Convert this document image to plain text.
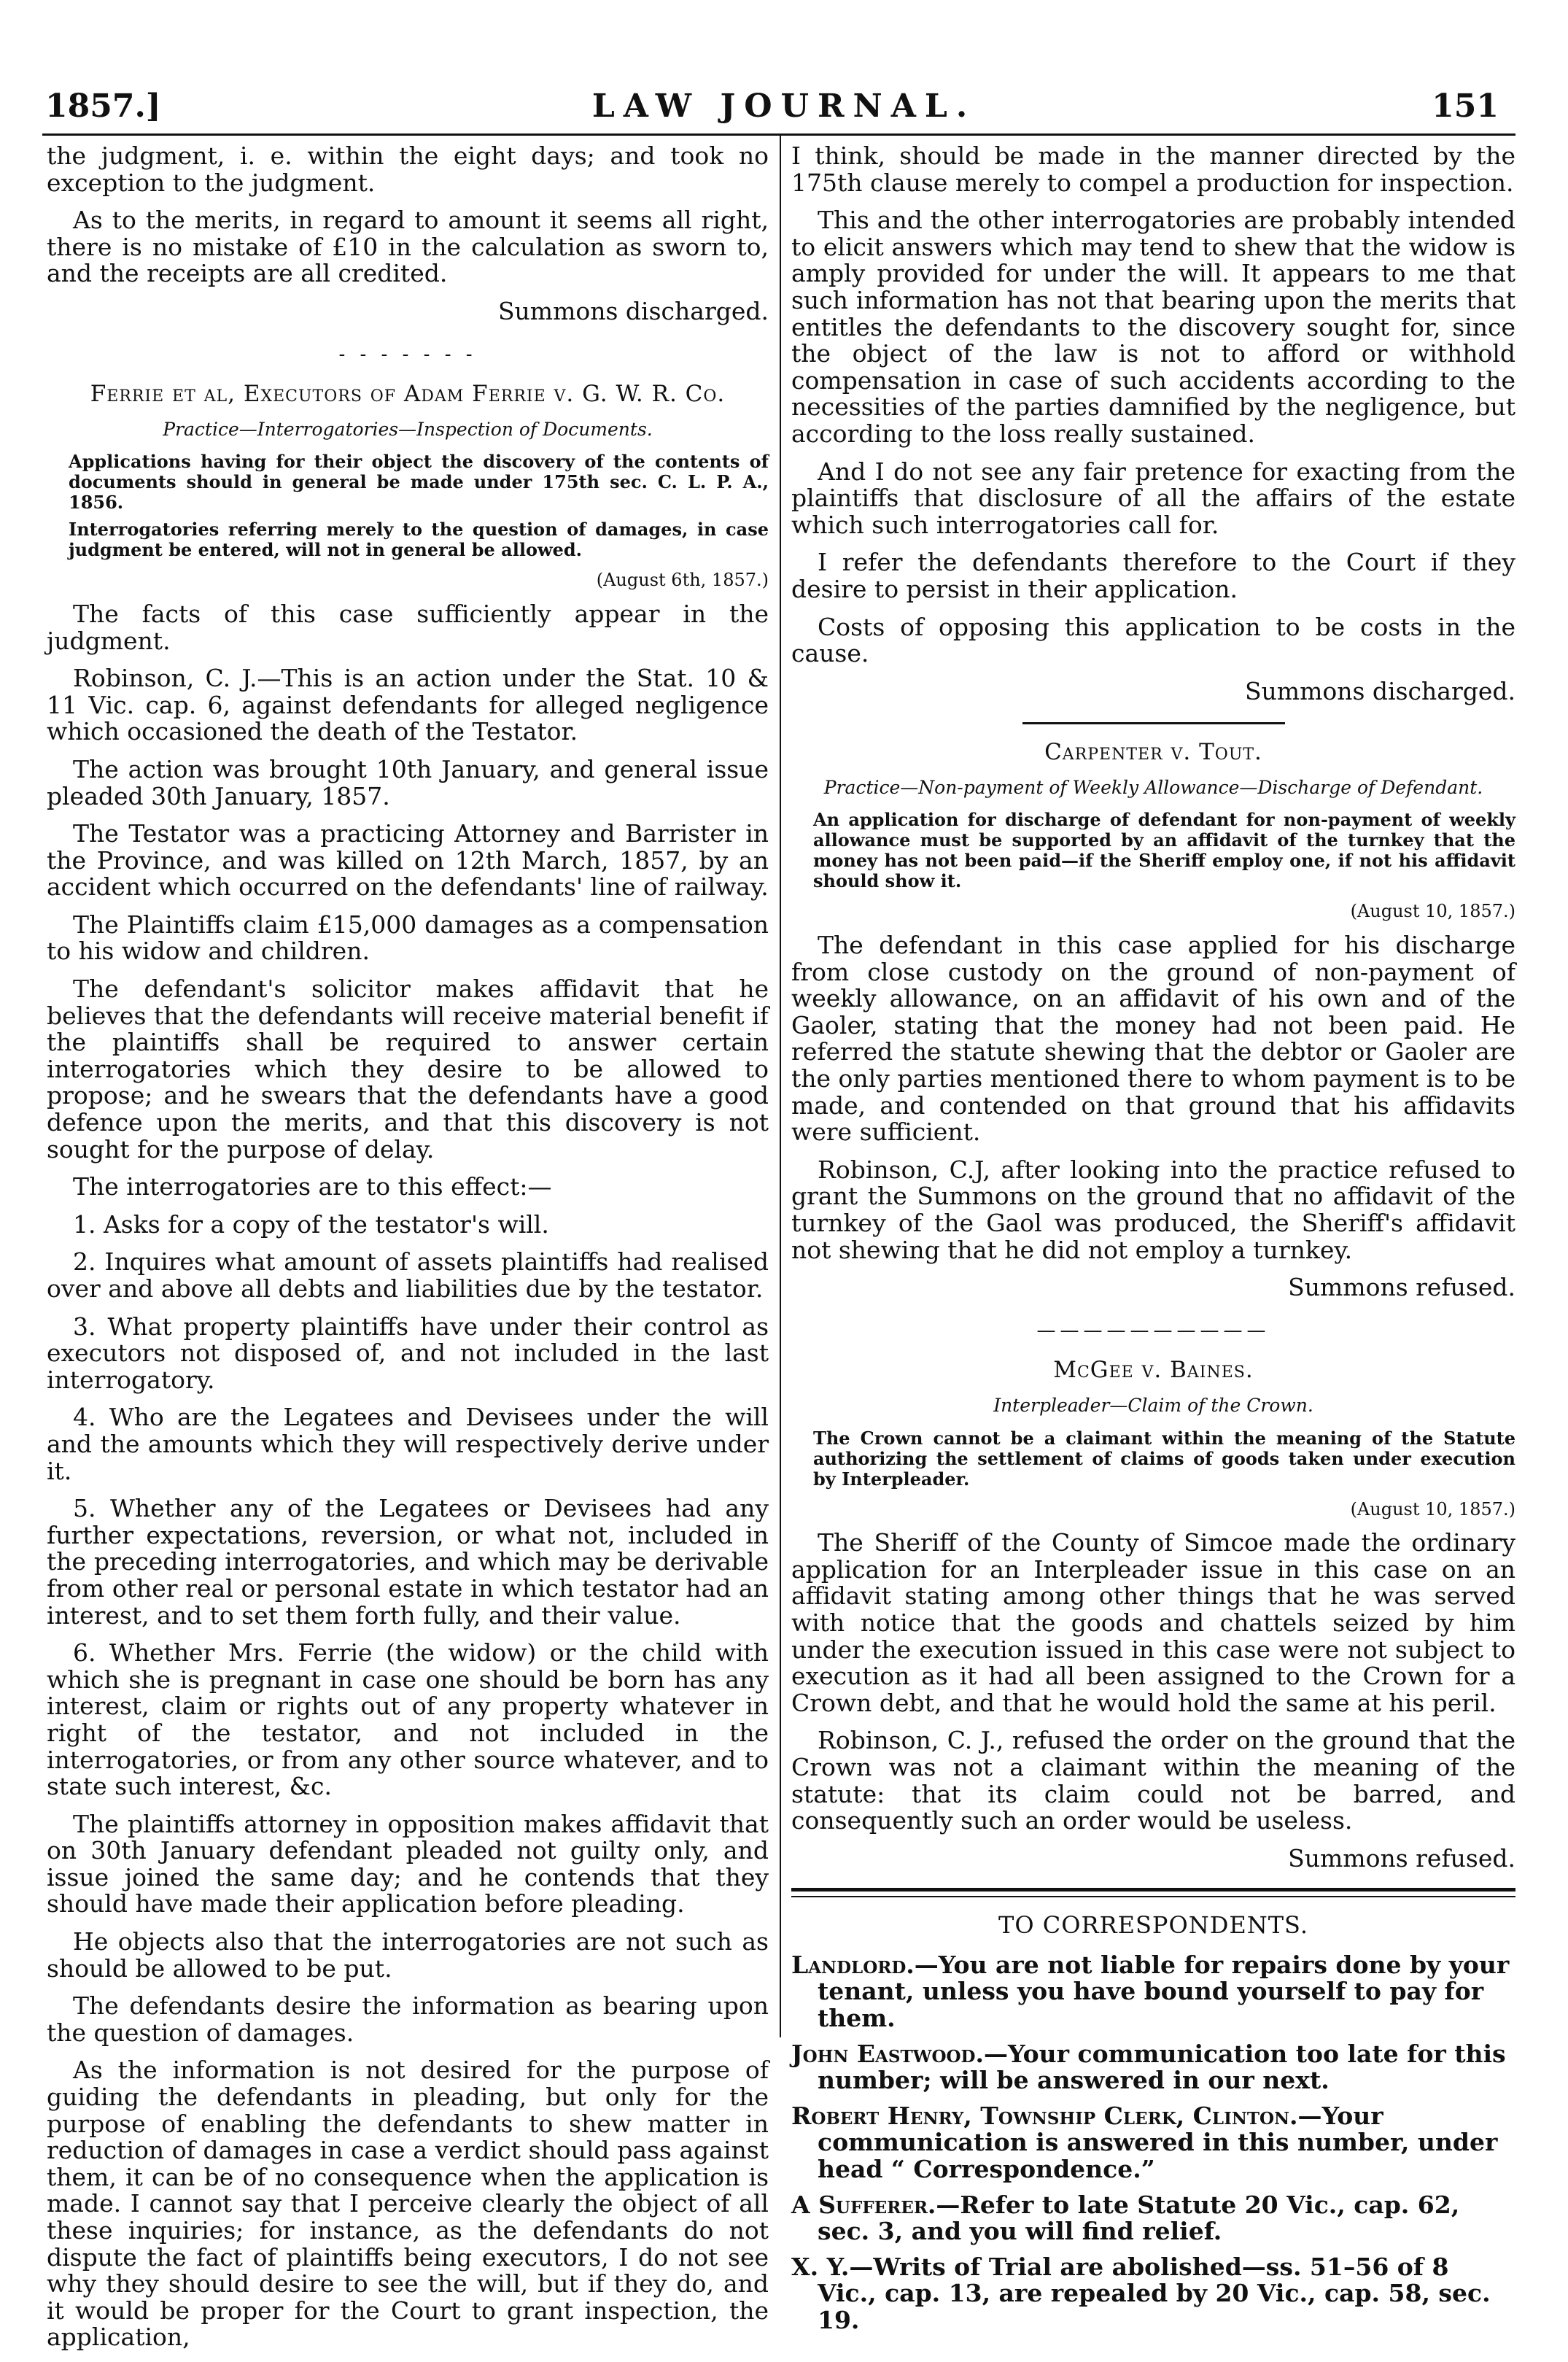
1857.]	LAW JOURNAL.	151

the judgment, i. e. within the eight days; and took no exception to the judgment.

As to the merits, in regard to amount it seems all right, there is no mistake of £10 in the calculation as sworn to, and the receipts are all credited.

Summons discharged.

- - - - - - -

Ferrie et al, Executors of Adam Ferrie v. G. W. R. Co.

Practice—Interrogatories—Inspection of Documents.

Applications having for their object the discovery of the contents of documents should in general be made under 175th sec. C. L. P. A., 1856.

Interrogatories referring merely to the question of damages, in case judgment be entered, will not in general be allowed.

(August 6th, 1857.)

The facts of this case sufficiently appear in the judgment.

Robinson, C. J.—This is an action under the Stat. 10 & 11 Vic. cap. 6, against defendants for alleged negligence which occasioned the death of the Testator.

The action was brought 10th January, and general issue pleaded 30th January, 1857.

The Testator was a practicing Attorney and Barrister in the Province, and was killed on 12th March, 1857, by an accident which occurred on the defendants' line of railway.

The Plaintiffs claim £15,000 damages as a compensation to his widow and children.

The defendant's solicitor makes affidavit that he believes that the defendants will receive material benefit if the plaintiffs shall be required to answer certain interrogatories which they desire to be allowed to propose; and he swears that the defendants have a good defence upon the merits, and that this discovery is not sought for the purpose of delay.

The interrogatories are to this effect:—

1. Asks for a copy of the testator's will.

2. Inquires what amount of assets plaintiffs had realised over and above all debts and liabilities due by the testator.

3. What property plaintiffs have under their control as executors not disposed of, and not included in the last interrogatory.

4. Who are the Legatees and Devisees under the will and the amounts which they will respectively derive under it.

5. Whether any of the Legatees or Devisees had any further expectations, reversion, or what not, included in the preceding interrogatories, and which may be derivable from other real or personal estate in which testator had an interest, and to set them forth fully, and their value.

6. Whether Mrs. Ferrie (the widow) or the child with which she is pregnant in case one should be born has any interest, claim or rights out of any property whatever in right of the testator, and not included in the interrogatories, or from any other source whatever, and to state such interest, &c.

The plaintiffs attorney in opposition makes affidavit that on 30th January defendant pleaded not guilty only, and issue joined the same day; and he contends that they should have made their application before pleading.

He objects also that the interrogatories are not such as should be allowed to be put.

The defendants desire the information as bearing upon the question of damages.

As the information is not desired for the purpose of guiding the defendants in pleading, but only for the purpose of enabling the defendants to shew matter in reduction of damages in case a verdict should pass against them, it can be of no consequence when the application is made. I cannot say that I perceive clearly the object of all these inquiries; for instance, as the defendants do not dispute the fact of plaintiffs being executors, I do not see why they should desire to see the will, but if they do, and it would be proper for the Court to grant inspection, the application,

I think, should be made in the manner directed by the 175th clause merely to compel a production for inspection.

This and the other interrogatories are probably intended to elicit answers which may tend to shew that the widow is amply provided for under the will. It appears to me that such information has not that bearing upon the merits that entitles the defendants to the discovery sought for, since the object of the law is not to afford or withhold compensation in case of such accidents according to the necessities of the parties damnified by the negligence, but according to the loss really sustained.

And I do not see any fair pretence for exacting from the plaintiffs that disclosure of all the affairs of the estate which such interrogatories call for.

I refer the defendants therefore to the Court if they desire to persist in their application.

Costs of opposing this application to be costs in the cause.

Summons discharged.

Carpenter v. Tout.

Practice—Non-payment of Weekly Allowance—Discharge of Defendant.

An application for discharge of defendant for non-payment of weekly allowance must be supported by an affidavit of the turnkey that the money has not been paid—if the Sheriff employ one, if not his affidavit should show it.

(August 10, 1857.)

The defendant in this case applied for his discharge from close custody on the ground of non-payment of weekly allowance, on an affidavit of his own and of the Gaoler, stating that the money had not been paid. He referred the statute shewing that the debtor or Gaoler are the only parties mentioned there to whom payment is to be made, and contended on that ground that his affidavits were sufficient.

Robinson, C.J, after looking into the practice refused to grant the Summons on the ground that no affidavit of the turnkey of the Gaol was produced, the Sheriff's affidavit not shewing that he did not employ a turnkey.

Summons refused.

——————————

McGee v. Baines.

Interpleader—Claim of the Crown.

The Crown cannot be a claimant within the meaning of the Statute authorizing the settlement of claims of goods taken under execution by Interpleader.

(August 10, 1857.)

The Sheriff of the County of Simcoe made the ordinary application for an Interpleader issue in this case on an affidavit stating among other things that he was served with notice that the goods and chattels seized by him under the execution issued in this case were not subject to execution as it had all been assigned to the Crown for a Crown debt, and that he would hold the same at his peril.

Robinson, C. J., refused the order on the ground that the Crown was not a claimant within the meaning of the statute: that its claim could not be barred, and consequently such an order would be useless.

Summons refused.

TO CORRESPONDENTS.

Landlord.—You are not liable for repairs done by your tenant, unless you have bound yourself to pay for them.

John Eastwood.—Your communication too late for this number; will be answered in our next.

Robert Henry, Township Clerk, Clinton.—Your communication is answered in this number, under head “ Correspondence.”

A Sufferer.—Refer to late Statute 20 Vic., cap. 62, sec. 3, and you will find relief.

X. Y.—Writs of Trial are abolished—ss. 51–56 of 8 Vic., cap. 13, are repealed by 20 Vic., cap. 58, sec. 19.
